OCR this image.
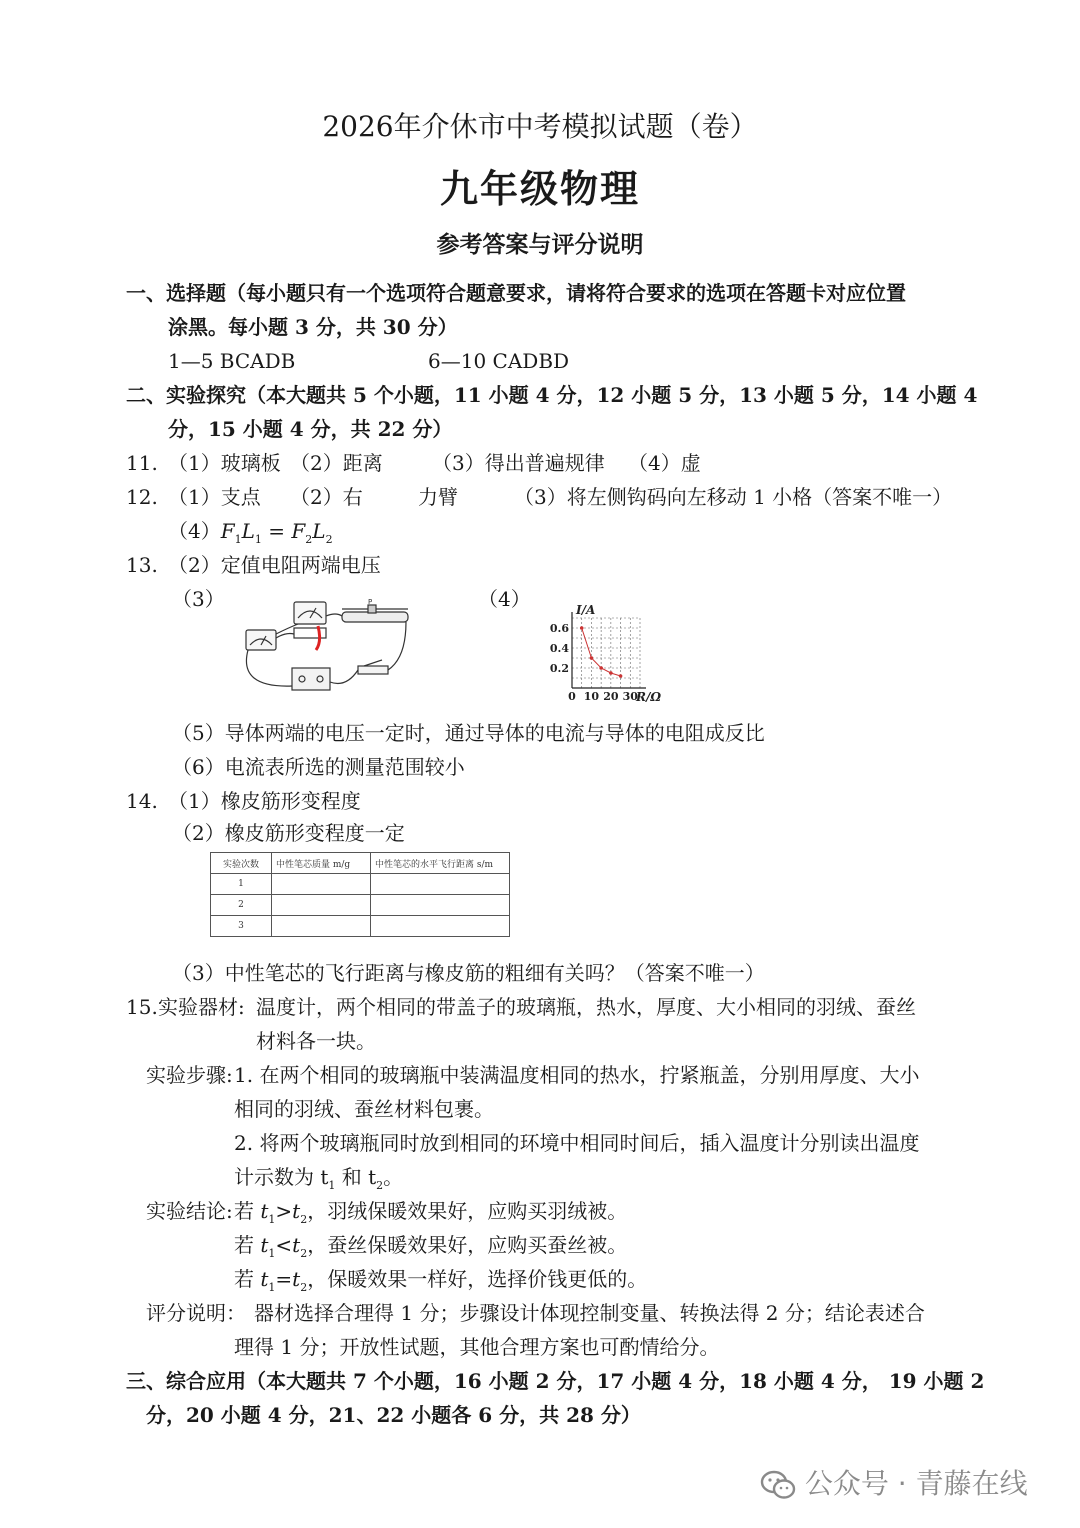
2026年介休市中考模拟试题（卷）
九年级物理
参考答案与评分说明
一、选择题（每小题只有一个选项符合题意要求，请将符合要求的选项在答题卡对应位置
涂黑。每小题 3 分，共 30 分）
1—5 BCADB	6—10 CADBD
二、实验探究（本大题共 5 个小题，11 小题 4 分，12 小题 5 分，13 小题 5 分，14 小题 4
分，15 小题 4 分，共 22 分）
11. （1）玻璃板 （2）距离 （3）得出普遍规律 （4）虚
12. （1）支点 （2）右	力臂	（3）将左侧钩码向左移动 1 小格（答案不唯一）
$(4)F_1L_1 = F_2L_2$
13. （2）定值电阻两端电压
（3）	（4）
P
0 10 20 30
0.2
0.4
0.6
I/A
R/Ω
（5）导体两端的电压一定时，通过导体的电流与导体的电阻成反比
（6）电流表所选的测量范围较小
14. （1）橡皮筋形变程度
（2）橡皮筋形变程度一定
实验次数	中性笔芯质量 m/g	中性笔芯的水平飞行距离 s/m
1		
2		
3		
（3）中性笔芯的飞行距离与橡皮筋的粗细有关吗？（答案不唯一）
15. 实验器材: 温度计，两个相同的带盖子的玻璃瓶，热水，厚度、大小相同的羽绒、蚕丝
材料各一块。
实验步骤: 1. 在两个相同的玻璃瓶中装满温度相同的热水，拧紧瓶盖，分别用厚度、大小
相同的羽绒、蚕丝材料包裹。
2. 将两个玻璃瓶同时放到相同的环境中相同时间后，插入温度计分别读出温度
计示数为 $t_1$ 和 $t_2$。
实验结论: 若 $t_1>t_2$，羽绒保暖效果好，应购买羽绒被。
若 $t_1<t_2$，蚕丝保暖效果好，应购买蚕丝被。
若 $t_1=t_2$，保暖效果一样好，选择价钱更低的。
评分说明： 器材选择合理得 1 分；步骤设计体现控制变量、转换法得 2 分；结论表述合
理得 1 分；开放性试题，其他合理方案也可酌情给分。
三、综合应用（本大题共 7 个小题，16 小题 2 分，17 小题 4 分，18 小题 4 分， 19 小题 2
分，20 小题 4 分，21、22 小题各 6 分，共 28 分）
公众号 · 青藤在线
